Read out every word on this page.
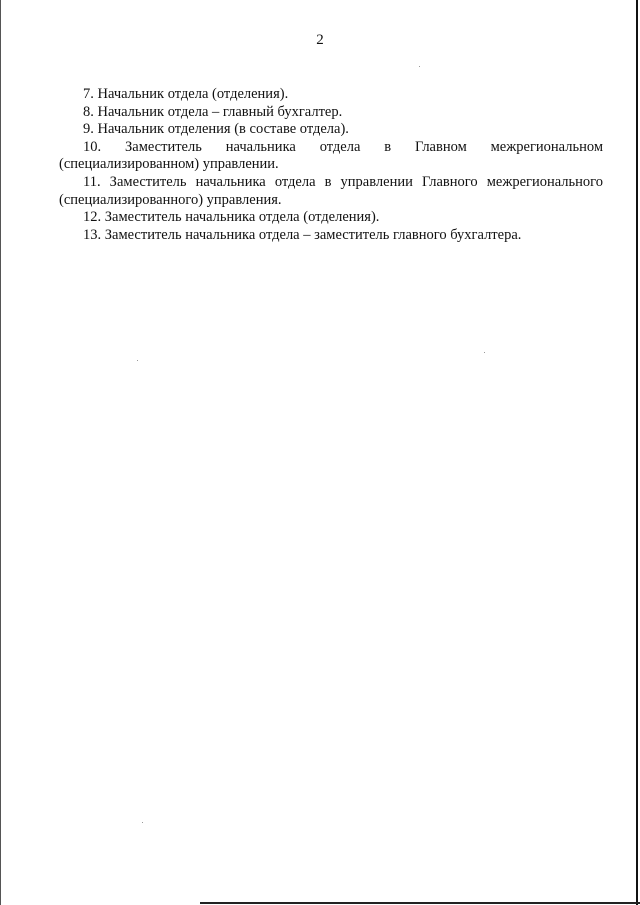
2

7. Начальник отдела (отделения).

8. Начальник отдела – главный бухгалтер.

9. Начальник отделения (в составе отдела).

10. Заместитель начальника отдела в Главном межрегиональном (специализированном) управлении.

11. Заместитель начальника отдела в управлении Главного межрегионального (специализированного) управления.

12. Заместитель начальника отдела (отделения).

13. Заместитель начальника отдела – заместитель главного бухгалтера.
